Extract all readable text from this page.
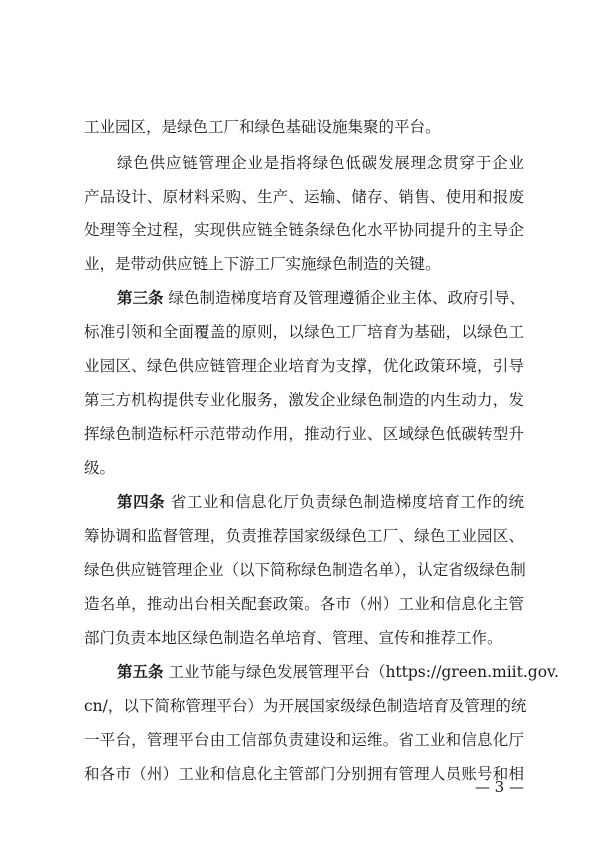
工业园区，是绿色工厂和绿色基础设施集聚的平台。
绿色供应链管理企业是指将绿色低碳发展理念贯穿于企业
产品设计、原材料采购、生产、运输、储存、销售、使用和报废
处理等全过程，实现供应链全链条绿色化水平协同提升的主导企
业，是带动供应链上下游工厂实施绿色制造的关键。
第三条 绿色制造梯度培育及管理遵循企业主体、政府引导、
标准引领和全面覆盖的原则，以绿色工厂培育为基础，以绿色工
业园区、绿色供应链管理企业培育为支撑，优化政策环境，引导
第三方机构提供专业化服务，激发企业绿色制造的内生动力，发
挥绿色制造标杆示范带动作用，推动行业、区域绿色低碳转型升
级。
第四条 省工业和信息化厅负责绿色制造梯度培育工作的统
筹协调和监督管理，负责推荐国家级绿色工厂、绿色工业园区、
绿色供应链管理企业（以下简称绿色制造名单），认定省级绿色制
造名单，推动出台相关配套政策。各市（州）工业和信息化主管
部门负责本地区绿色制造名单培育、管理、宣传和推荐工作。
第五条 工业节能与绿色发展管理平台（https://green.miit.gov.
cn/，以下简称管理平台）为开展国家级绿色制造培育及管理的统
一平台，管理平台由工信部负责建设和运维。省工业和信息化厅
和各市（州）工业和信息化主管部门分别拥有管理人员账号和相
— 3 —
